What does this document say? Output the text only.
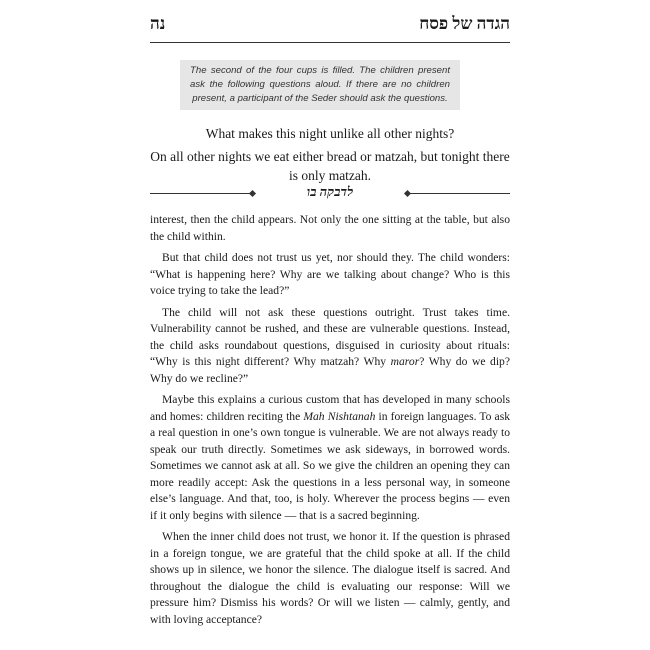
נה	הגדה של פסח
The second of the four cups is filled. The children present ask the following questions aloud. If there are no children present, a participant of the Seder should ask the questions.

What makes this night unlike all other nights?

On all other nights we eat either bread or matzah, but tonight there is only matzah.

לדבקה בו

interest, then the child appears. Not only the one sitting at the table, but also the child within.

But that child does not trust us yet, nor should they. The child wonders: “What is happening here? Why are we talking about change? Who is this voice trying to take the lead?”

The child will not ask these questions outright. Trust takes time. Vulnerability cannot be rushed, and these are vulnerable questions. Instead, the child asks roundabout questions, disguised in curiosity about rituals: “Why is this night different? Why matzah? Why maror? Why do we dip? Why do we recline?”

Maybe this explains a curious custom that has developed in many schools and homes: children reciting the Mah Nishtanah in foreign languages. To ask a real question in one’s own tongue is vulnerable. We are not always ready to speak our truth directly. Sometimes we ask sideways, in borrowed words. Sometimes we cannot ask at all. So we give the children an opening they can more readily accept: Ask the questions in a less personal way, in someone else’s language. And that, too, is holy. Wherever the process begins — even if it only begins with silence — that is a sacred beginning.

When the inner child does not trust, we honor it. If the question is phrased in a foreign tongue, we are grateful that the child spoke at all. If the child shows up in silence, we honor the silence. The dialogue itself is sacred. And throughout the dialogue the child is evaluating our response: Will we pressure him? Dismiss his words? Or will we listen — calmly, gently, and with loving acceptance?
